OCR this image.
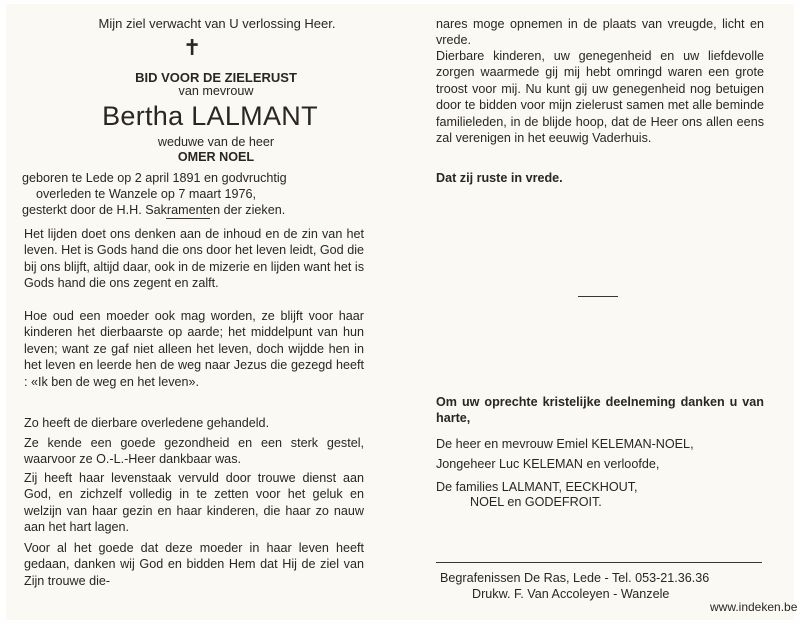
Mijn ziel verwacht van U verlossing Heer.
✝
BID VOOR DE ZIELERUST
van mevrouw
Bertha LALMANT
weduwe van de heer
OMER NOEL
geboren te Lede op 2 april 1891 en godvruchtig
overleden te Wanzele op 7 maart 1976,
gesterkt door de H.H. Sakramenten der zieken.

Het lijden doet ons denken aan de inhoud en de zin van het leven. Het is Gods hand die ons door het leven leidt, God die bij ons blijft, altijd daar, ook in de mizerie en lijden want het is Gods hand die ons zegent en zalft.

Hoe oud een moeder ook mag worden, ze blijft voor haar kinderen het dierbaarste op aarde; het middelpunt van hun leven; want ze gaf niet alleen het leven, doch wijdde hen in het leven en leerde hen de weg naar Jezus die gezegd heeft : «Ik ben de weg en het leven».

Zo heeft de dierbare overledene gehandeld.

Ze kende een goede gezondheid en een sterk gestel, waarvoor ze O.-L.-Heer dankbaar was.

Zij heeft haar levenstaak vervuld door trouwe dienst aan God, en zichzelf volledig in te zetten voor het geluk en welzijn van haar gezin en haar kinderen, die haar zo nauw aan het hart lagen.

Voor al het goede dat deze moeder in haar leven heeft gedaan, danken wij God en bidden Hem dat Hij de ziel van Zijn trouwe die-

nares moge opnemen in de plaats van vreugde, licht en vrede.

Dierbare kinderen, uw genegenheid en uw liefdevolle zorgen waarmede gij mij hebt omringd waren een grote troost voor mij. Nu kunt gij uw genegenheid nog betuigen door te bidden voor mijn zielerust samen met alle beminde familieleden, in de blijde hoop, dat de Heer ons allen eens zal verenigen in het eeuwig Vaderhuis.

Dat zij ruste in vrede.

Om uw oprechte kristelijke deelneming danken u van harte,

De heer en mevrouw Emiel KELEMAN-NOEL,
Jongeheer Luc KELEMAN en verloofde,
De families LALMANT, EECKHOUT,
NOEL en GODEFROIT.
Begrafenissen De Ras, Lede - Tel. 053-21.36.36
Drukw. F. Van Accoleyen - Wanzele
www.indeken.be
